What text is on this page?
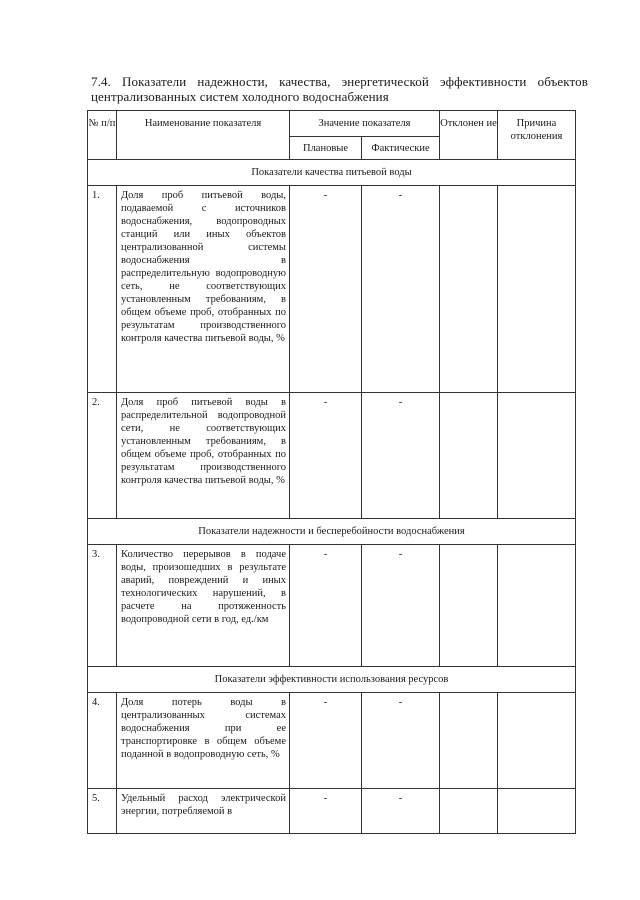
7.4. Показатели надежности, качества, энергетической эффективности объектов централизованных систем холодного водоснабжения
№ п/п	Наименование показателя	Значение показателя		Отклонен ие	Причина отклонения
		Плановые	Фактические		
Показатели качества питьевой воды					
1.	Доля проб питьевой воды, подаваемой с источников водоснабжения, водопроводных станций или иных объектов централизованной системы водоснабжения в распределительную водопроводную сеть, не соответствующих установленным требованиям, в общем объеме проб, отобранных по результатам производственного контроля качества питьевой воды, %	-	-		
2.	Доля проб питьевой воды в распределительной водопроводной сети, не соответствующих установленным требованиям, в общем объеме проб, отобранных по результатам производственного контроля качества питьевой воды, %	-	-		
Показатели надежности и бесперебойности водоснабжения					
3.	Количество перерывов в подаче воды, произошедших в результате аварий, повреждений и иных технологических нарушений, в расчете на протяженность водопроводной сети в год, ед./км	-	-		
Показатели эффективности использования ресурсов					
4.	Доля потерь воды в централизованных системах водоснабжения при ее транспортировке в общем объеме поданной в водопроводную сеть, %	-	-		
5.	Удельный расход электрической энергии, потребляемой в	-	-		
